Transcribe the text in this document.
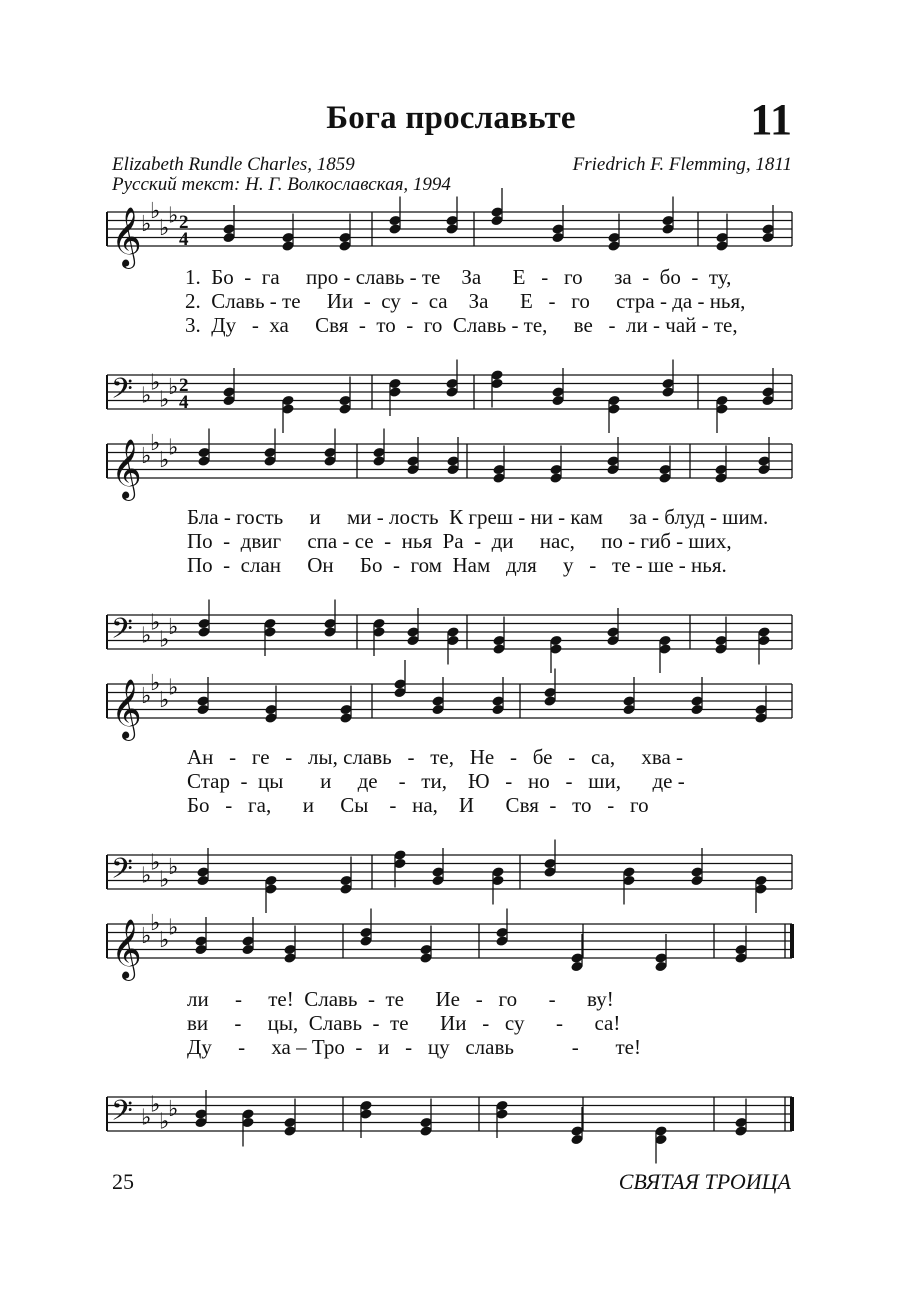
Бога прославьте	11
Elizabeth Rundle Charles, 1859
Русский текст: Н. Г. Волкославская, 1994
Friedrich F. Flemming, 1811
𝄞 ♭
♭
♭
♭ 2
4
1.  Бо  -  га     про - славь - те    За      Е   -   го      за  -  бо  -  ту,
2.  Славь - те     Ии  -  су  -  са    За      Е   -   го     стра - да - нья,
3.  Ду   -  ха     Свя  -  то  -  го  Славь - те,     ве   -  ли - чай - те,
𝄢 ♭
♭
♭
♭ 2
4
𝄞 ♭
♭
♭
♭
Бла - гость     и     ми - лость  К греш - ни - кам     за - блуд - шим.
По  -  двиг     спа - се  -  нья  Ра  -  ди     нас,     по - гиб - ших,
По  -  слан     Он     Бо  -  гом  Нам   для     у   -   те - ше - нья.
𝄢 ♭
♭
♭
♭
𝄞 ♭
♭
♭
♭
Ан   -   ге   -   лы, славь   -   те,   Не   -   бе   -   са,     хва -
Стар  -  цы       и     де    -   ти,    Ю   -   но   -   ши,      де -
Бо   -   га,      и     Сы    -   на,    И      Свя  -   то   -   го
𝄢 ♭
♭
♭
♭
𝄞 ♭
♭
♭
♭
ли     -     те!  Славь  -  те      Ие   -   го      -      ву!
ви     -     цы,  Славь  -  те      Ии   -   су      -      са!
Ду     -     ха – Тро  -   и   -   цу   славь           -       те!
𝄢 ♭
♭
♭
♭
25	СВЯТАЯ ТРОИЦА
